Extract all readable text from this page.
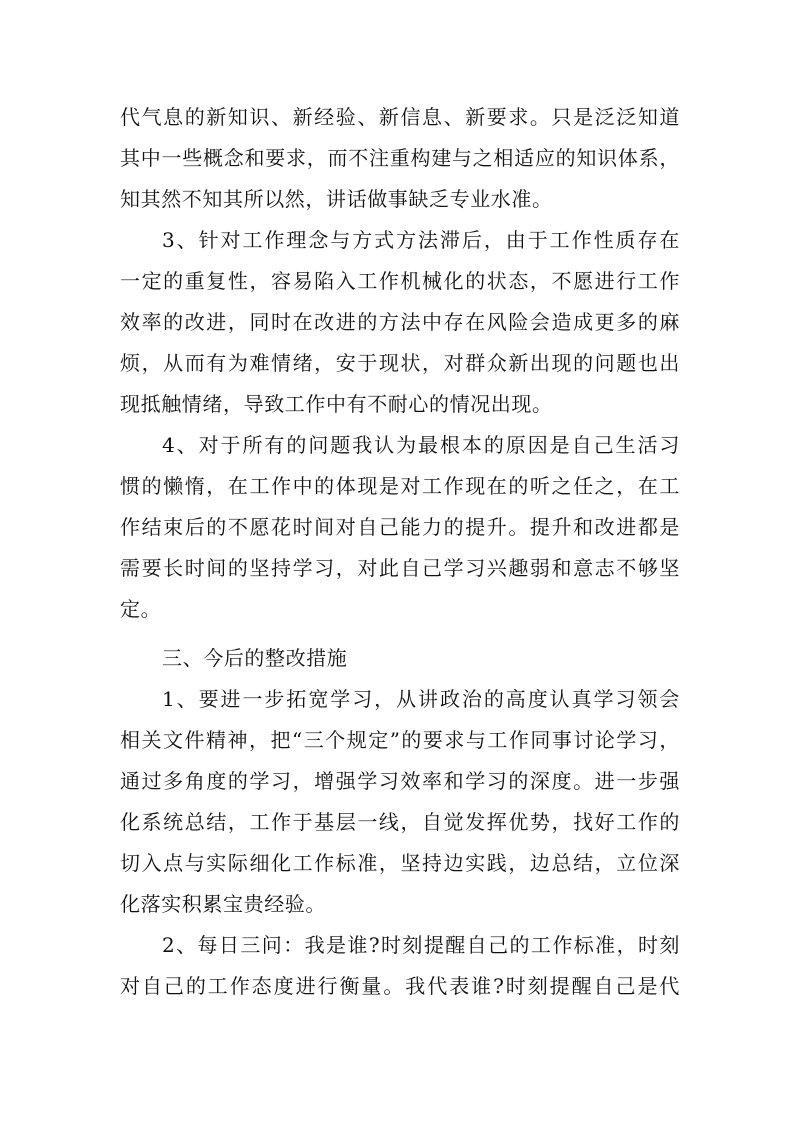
代气息的新知识、新经验、新信息、新要求。只是泛泛知道
其中一些概念和要求，而不注重构建与之相适应的知识体系，
知其然不知其所以然，讲话做事缺乏专业水准。
3、针对工作理念与方式方法滞后，由于工作性质存在
一定的重复性，容易陷入工作机械化的状态，不愿进行工作
效率的改进，同时在改进的方法中存在风险会造成更多的麻
烦，从而有为难情绪，安于现状，对群众新出现的问题也出
现抵触情绪，导致工作中有不耐心的情况出现。
4、对于所有的问题我认为最根本的原因是自己生活习
惯的懒惰，在工作中的体现是对工作现在的听之任之，在工
作结束后的不愿花时间对自己能力的提升。提升和改进都是
需要长时间的坚持学习，对此自己学习兴趣弱和意志不够坚
定。
三、今后的整改措施
1、要进一步拓宽学习，从讲政治的高度认真学习领会
相关文件精神，把“三个规定”的要求与工作同事讨论学习，
通过多角度的学习，增强学习效率和学习的深度。进一步强
化系统总结，工作于基层一线，自觉发挥优势，找好工作的
切入点与实际细化工作标准，坚持边实践，边总结，立位深
化落实积累宝贵经验。
2、每日三问：我是谁?时刻提醒自己的工作标准，时刻
对自己的工作态度进行衡量。我代表谁?时刻提醒自己是代
